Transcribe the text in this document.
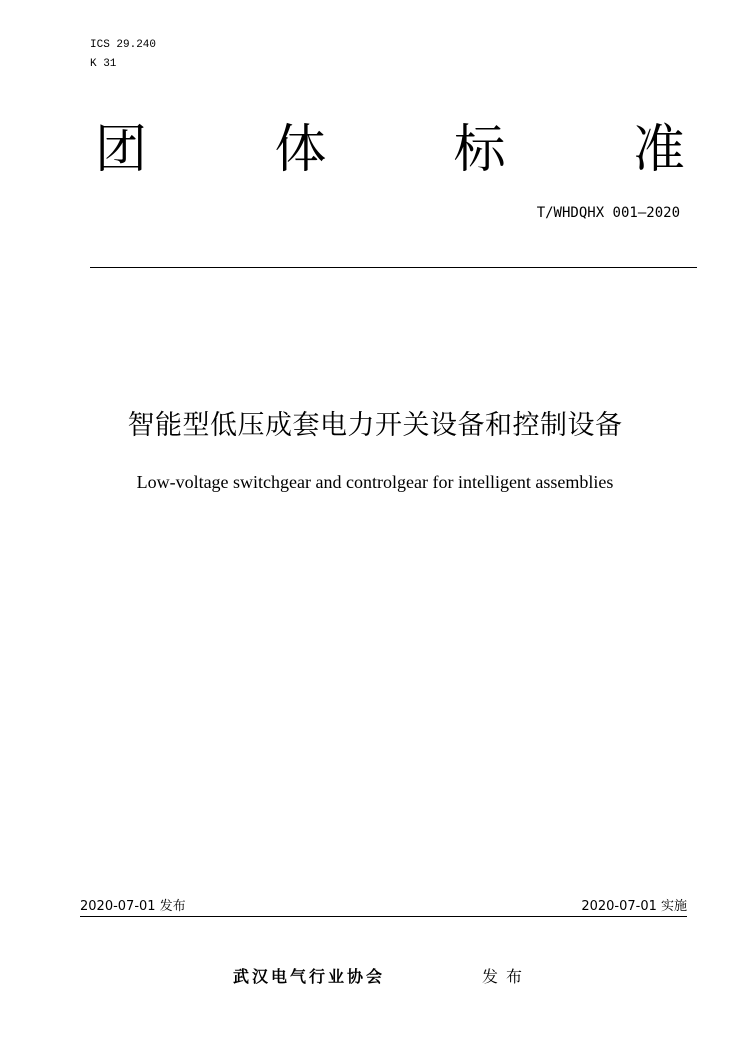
ICS 29.240
K 31
团 体 标 准
T/WHDQHX 001—2020
智能型低压成套电力开关设备和控制设备
Low-voltage switchgear and controlgear for intelligent assemblies
2020-07-01 发布	2020-07-01 实施
武汉电气行业协会	发布
